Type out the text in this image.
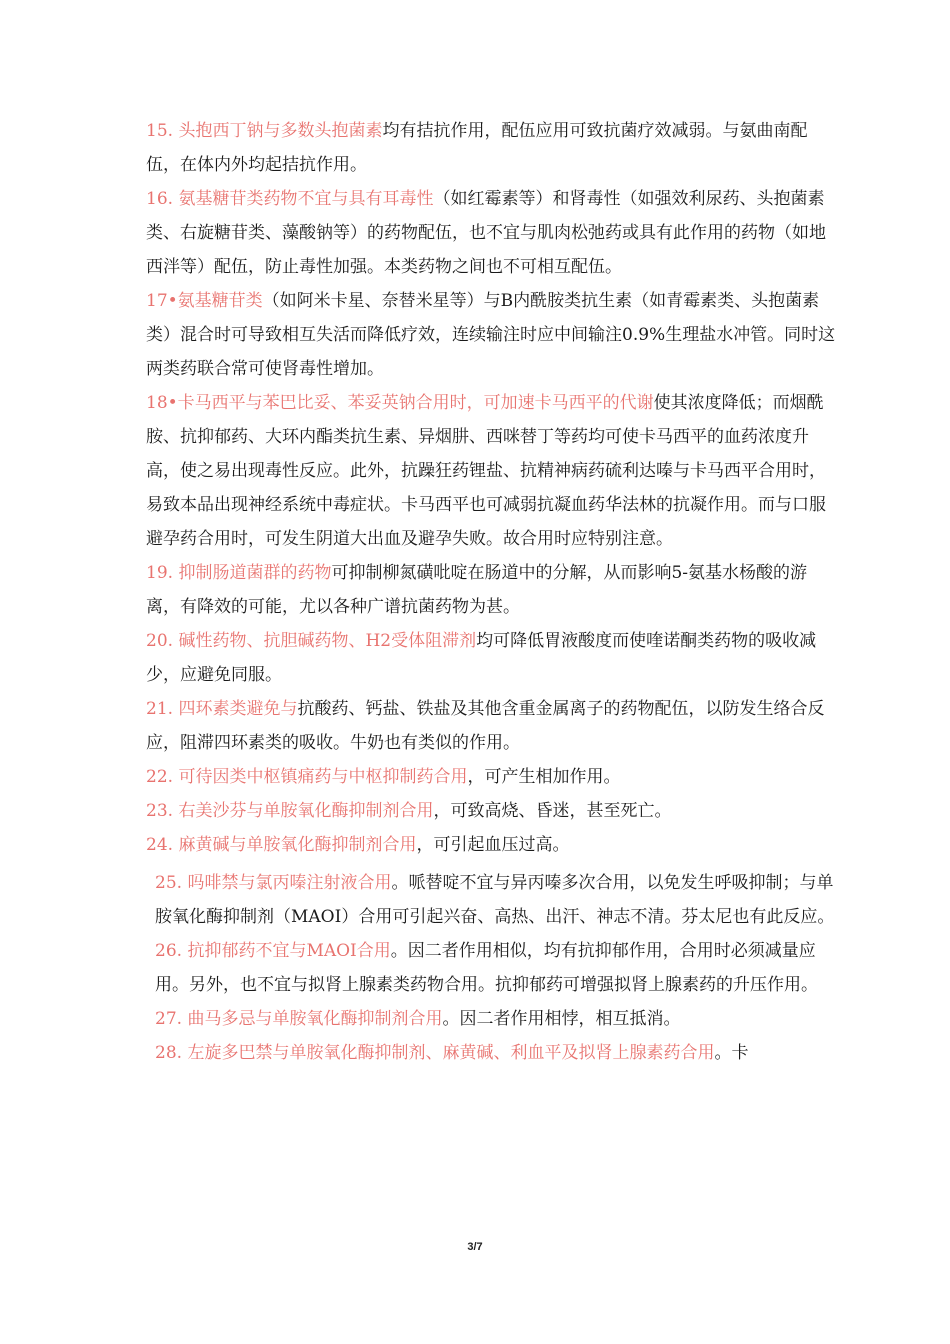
15. 头抱西丁钠与多数头抱菌素均有拮抗作用，配伍应用可致抗菌疗效减弱。与氨曲南配伍，在体内外均起拮抗作用。

16. 氨基糖苷类药物不宜与具有耳毒性（如红霉素等）和肾毒性（如强效利尿药、头抱菌素类、右旋糖苷类、藻酸钠等）的药物配伍，也不宜与肌肉松弛药或具有此作用的药物（如地西泮等）配伍，防止毒性加强。本类药物之间也不可相互配伍。

17•氨基糖苷类（如阿米卡星、奈替米星等）与B内酰胺类抗生素（如青霉素类、头抱菌素类）混合时可导致相互失活而降低疗效，连续输注时应中间输注0.9%生理盐水冲管。同时这两类药联合常可使肾毒性增加。

18•卡马西平与苯巴比妥、苯妥英钠合用时，可加速卡马西平的代谢使其浓度降低；而烟酰胺、抗抑郁药、大环内酯类抗生素、异烟肼、西咪替丁等药均可使卡马西平的血药浓度升高，使之易出现毒性反应。此外，抗躁狂药锂盐、抗精神病药硫利达嗪与卡马西平合用时，易致本品出现神经系统中毒症状。卡马西平也可减弱抗凝血药华法林的抗凝作用。而与口服避孕药合用时，可发生阴道大出血及避孕失败。故合用时应特别注意。

19. 抑制肠道菌群的药物可抑制柳氮磺吡啶在肠道中的分解，从而影响5-氨基水杨酸的游离，有降效的可能，尤以各种广谱抗菌药物为甚。

20. 碱性药物、抗胆碱药物、H2受体阻滞剂均可降低胃液酸度而使喹诺酮类药物的吸收减少，应避免同服。

21. 四环素类避免与抗酸药、钙盐、铁盐及其他含重金属离子的药物配伍，以防发生络合反应，阻滞四环素类的吸收。牛奶也有类似的作用。

22. 可待因类中枢镇痛药与中枢抑制药合用，可产生相加作用。

23. 右美沙芬与单胺氧化酶抑制剂合用，可致高烧、昏迷，甚至死亡。

24. 麻黄碱与单胺氧化酶抑制剂合用，可引起血压过高。

25. 吗啡禁与氯丙嗪注射液合用。哌替啶不宜与异丙嗪多次合用，以免发生呼吸抑制；与单胺氧化酶抑制剂（MAOI）合用可引起兴奋、高热、出汗、神志不清。芬太尼也有此反应。

26. 抗抑郁药不宜与MAOI合用。因二者作用相似，均有抗抑郁作用，合用时必须减量应用。另外，也不宜与拟肾上腺素类药物合用。抗抑郁药可增强拟肾上腺素药的升压作用。

27. 曲马多忌与单胺氧化酶抑制剂合用。因二者作用相悖，相互抵消。

28. 左旋多巴禁与单胺氧化酶抑制剂、麻黄碱、利血平及拟肾上腺素药合用。卡

3/7
